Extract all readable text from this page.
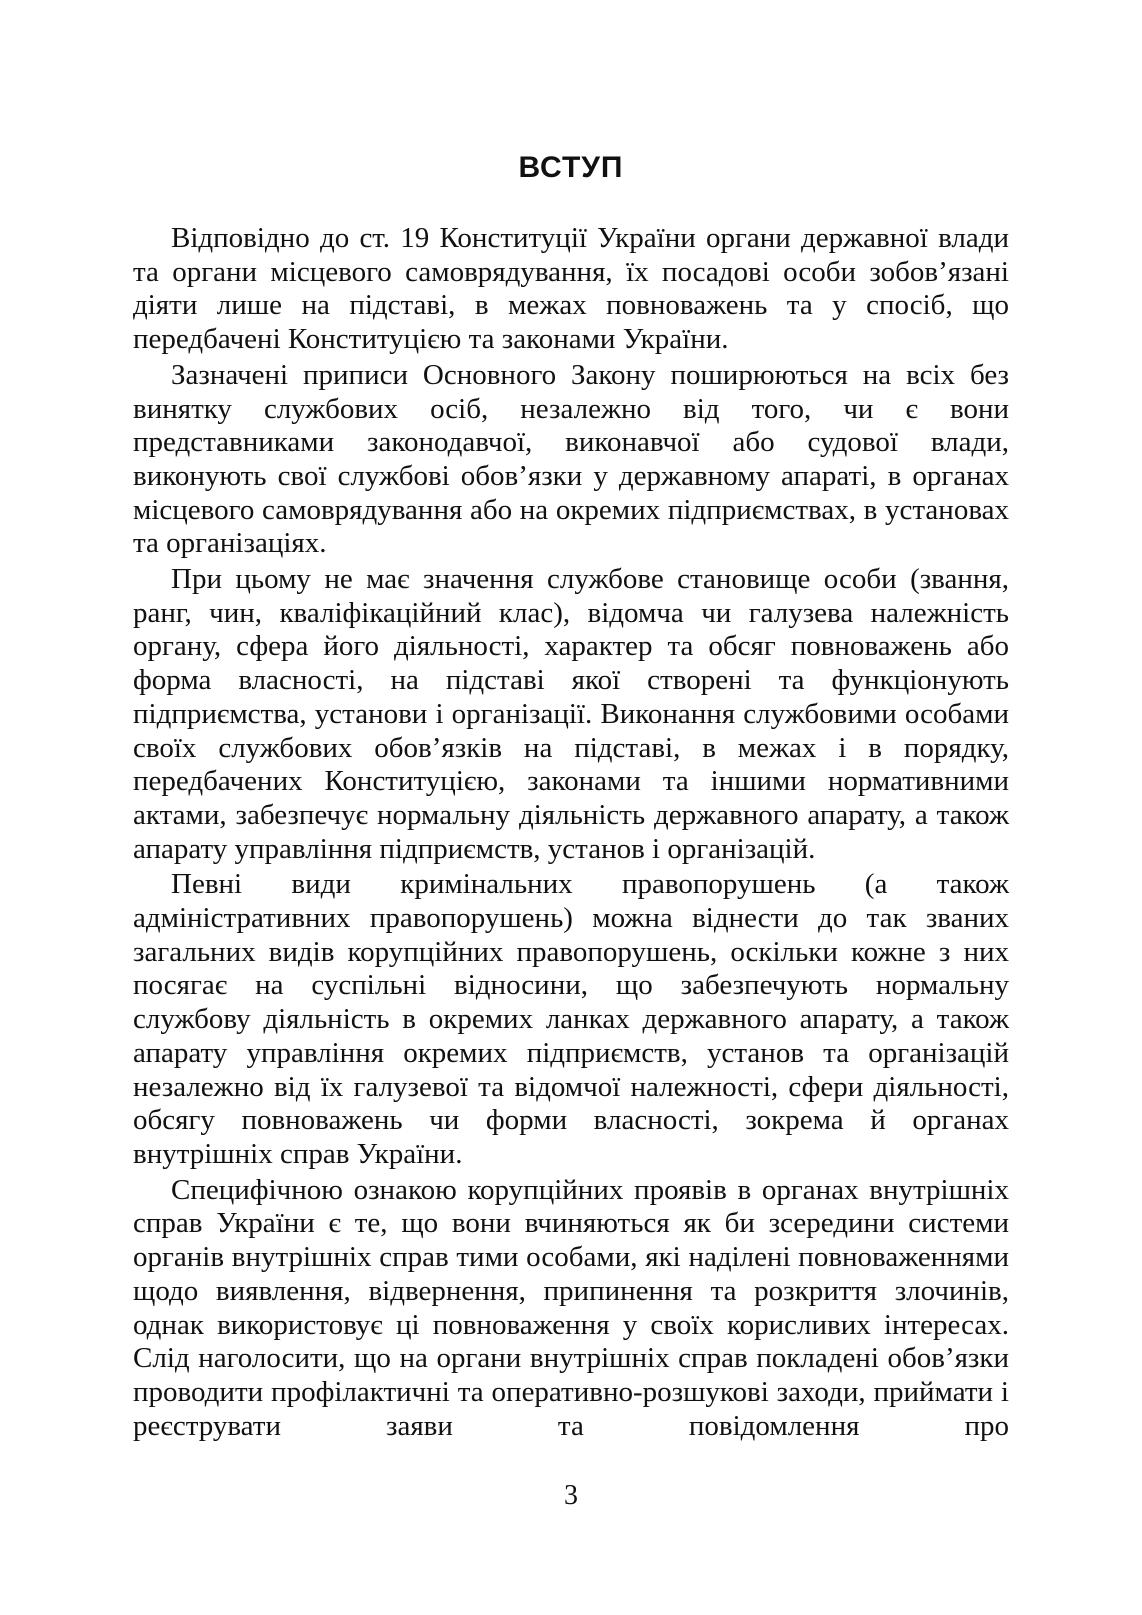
ВСТУП

Відповідно до ст. 19 Конституції України органи державної влади та органи місцевого самоврядування, їх посадові особи зобов’язані діяти лише на підставі, в межах повноважень та у спосіб, що передбачені Конституцією та законами України.

Зазначені приписи Основного Закону поширюються на всіх без винятку службових осіб, незалежно від того, чи є вони представниками законодавчої, виконавчої або судової влади, виконують свої службові обов’язки у державному апараті, в органах місцевого самоврядування або на окремих підприємствах, в установах та організаціях.

При цьому не має значення службове становище особи (звання, ранг, чин, кваліфікаційний клас), відомча чи галузева належність органу, сфера його діяльності, характер та обсяг повноважень або форма власності, на підставі якої створені та функціонують підприємства, установи і організації. Виконання службовими особами своїх службових обов’язків на підставі, в межах і в порядку, передбачених Конституцією, законами та іншими нормативними актами, забезпечує нормальну діяльність державного апарату, а також апарату управління підприємств, установ і організацій.

Певні види кримінальних правопорушень (а також адміністративних правопорушень) можна віднести до так званих загальних видів корупційних правопорушень, оскільки кожне з них посягає на суспільні відносини, що забезпечують нормальну службову діяльність в окремих ланках державного апарату, а також апарату управління окремих підприємств, установ та організацій незалежно від їх галузевої та відомчої належності, сфери діяльності, обсягу повноважень чи форми власності, зокрема й органах внутрішніх справ України.

Специфічною ознакою корупційних проявів в органах внутрішніх справ України є те, що вони вчиняються як би зсередини системи органів внутрішніх справ тими особами, які наділені повноваженнями щодо виявлення, відвернення, припинення та розкриття злочинів, однак використовує ці повноваження у своїх корисливих інтересах. Слід наголосити, що на органи внутрішніх справ покладені обов’язки проводити профілактичні та оперативно-розшукові заходи, приймати і реєструвати заяви та повідомлення про

3
